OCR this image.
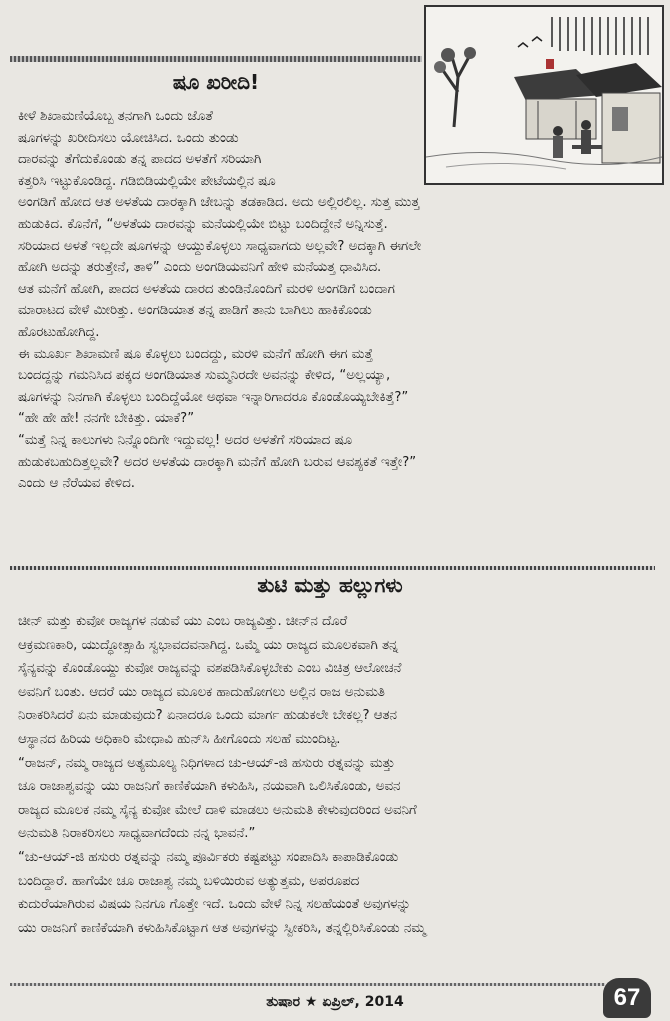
ಷೂ ಖರೀದಿ!
ಕೀಳೆ ಶಿಖಾಮಣಿಯೊಬ್ಬ ತನಗಾಗಿ ಒಂದು ಜೊತೆ
ಷೂಗಳನ್ನು ಖರೀದಿಸಲು ಯೋಚಿಸಿದ. ಒಂದು ತುಂಡು
ದಾರವನ್ನು ತೆಗೆದುಕೊಂಡು ತನ್ನ ಪಾದದ ಅಳತೆಗೆ ಸರಿಯಾಗಿ
ಕತ್ತರಿಸಿ ಇಟ್ಟುಕೊಂಡಿದ್ದ. ಗಡಿಬಿಡಿಯಲ್ಲಿಯೇ ಪೇಟೆಯಲ್ಲಿನ ಷೂ
ಅಂಗಡಿಗೆ ಹೋದ ಆತ ಅಳತೆಯ ದಾರಕ್ಕಾಗಿ ಜೇಬನ್ನು ತಡಕಾಡಿದ. ಅದು ಅಲ್ಲಿರಲಿಲ್ಲ. ಸುತ್ತ ಮುತ್ತ
ಹುಡುಕಿದ. ಕೊನೆಗೆ, “ಅಳತೆಯ ದಾರವನ್ನು ಮನೆಯಲ್ಲಿಯೇ ಬಿಟ್ಟು ಬಂದಿದ್ದೇನೆ ಅನ್ನಿಸುತ್ತೆ.
ಸರಿಯಾದ ಅಳತೆ ಇಲ್ಲದೇ ಷೂಗಳನ್ನು ಆಯ್ದುಕೊಳ್ಳಲು ಸಾಧ್ಯವಾಗದು ಅಲ್ಲವೇ? ಅದಕ್ಕಾಗಿ ಈಗಲೇ
ಹೋಗಿ ಅದನ್ನು ತರುತ್ತೇನೆ, ತಾಳಿ” ಎಂದು ಅಂಗಡಿಯವನಿಗೆ ಹೇಳಿ ಮನೆಯತ್ತ ಧಾವಿಸಿದ.
ಆತ ಮನೆಗೆ ಹೋಗಿ, ಪಾದದ ಅಳತೆಯ ದಾರದ ತುಂಡಿನೊಂದಿಗೆ ಮರಳಿ ಅಂಗಡಿಗೆ ಬಂದಾಗ
ಮಾರಾಟದ ವೇಳೆ ಮೀರಿತ್ತು. ಅಂಗಡಿಯಾತ ತನ್ನ ಪಾಡಿಗೆ ತಾನು ಬಾಗಿಲು ಹಾಕಿಕೊಂಡು
ಹೊರಟುಹೋಗಿದ್ದ.
ಈ ಮೂರ್ಖ ಶಿಖಾಮಣಿ ಷೂ ಕೊಳ್ಳಲು ಬಂದದ್ದು, ಮರಳಿ ಮನೆಗೆ ಹೋಗಿ ಈಗ ಮತ್ತೆ
ಬಂದದ್ದನ್ನು ಗಮನಿಸಿದ ಪಕ್ಕದ ಅಂಗಡಿಯಾತ ಸುಮ್ಮನಿರದೇ ಅವನನ್ನು ಕೇಳಿದ, “ಅಲ್ಲಯ್ಯಾ,
ಷೂಗಳನ್ನು ನಿನಗಾಗಿ ಕೊಳ್ಳಲು ಬಂದಿದ್ದೆಯೋ ಅಥವಾ ಇನ್ನಾರಿಗಾದರೂ ಕೊಂಡೊಯ್ಯಬೇಕಿತ್ತೆ?”
“ಹೇ ಹೇ ಹೇ! ನನಗೇ ಬೇಕಿತ್ತು. ಯಾಕೆ?”
“ಮತ್ತೆ ನಿನ್ನ ಕಾಲುಗಳು ನಿನ್ನೊಂದಿಗೇ ಇದ್ದುವಲ್ಲ! ಅದರ ಅಳತೆಗೆ ಸರಿಯಾದ ಷೂ
ಹುಡುಕಬಹುದಿತ್ತಲ್ಲವೇ? ಅದರ ಅಳತೆಯ ದಾರಕ್ಕಾಗಿ ಮನೆಗೆ ಹೋಗಿ ಬರುವ ಆವಶ್ಯಕತೆ ಇತ್ತೇ?”
ಎಂದು ಆ ನೆರೆಯವ ಕೇಳಿದ.
ತುಟಿ ಮತ್ತು ಹಲ್ಲುಗಳು
ಚೀನ್ ಮತ್ತು ಕುವೋ ರಾಜ್ಯಗಳ ನಡುವೆ ಯು ಎಂಬ ರಾಜ್ಯವಿತ್ತು. ಚೀನ್‌ನ ದೊರೆ
ಆಕ್ರಮಣಕಾರಿ, ಯುದ್ಧೋತ್ಸಾಹಿ ಸ್ವಭಾವದವನಾಗಿದ್ದ. ಒಮ್ಮೆ ಯು ರಾಜ್ಯದ ಮೂಲಕವಾಗಿ ತನ್ನ
ಸೈನ್ಯವನ್ನು ಕೊಂಡೊಯ್ದು ಕುವೋ ರಾಜ್ಯವನ್ನು ವಶಪಡಿಸಿಕೊಳ್ಳಬೇಕು ಎಂಬ ವಿಚಿತ್ರ ಆಲೋಚನೆ
ಅವನಿಗೆ ಬಂತು. ಆದರೆ ಯು ರಾಜ್ಯದ ಮೂಲಕ ಹಾದುಹೋಗಲು ಅಲ್ಲಿನ ರಾಜ ಅನುಮತಿ
ನಿರಾಕರಿಸಿದರೆ ಏನು ಮಾಡುವುದು? ಏನಾದರೂ ಒಂದು ಮಾರ್ಗ ಹುಡುಕಲೇ ಬೇಕಲ್ಲ? ಆತನ
ಆಸ್ಥಾನದ ಹಿರಿಯ ಅಧಿಕಾರಿ ಮೇಧಾವಿ ಹುನ್‌ಸಿ ಹೀಗೊಂದು ಸಲಹೆ ಮುಂದಿಟ್ಟ.
“ರಾಜನ್, ನಮ್ಮ ರಾಜ್ಯದ ಅತ್ಯಮೂಲ್ಯ ನಿಧಿಗಳಾದ ಚು-ಆಯ್-ಜಿ ಹಸುರು ರತ್ನವನ್ನು ಮತ್ತು
ಚೂ ರಾಜಾಶ್ವವನ್ನು ಯು ರಾಜನಿಗೆ ಕಾಣಿಕೆಯಾಗಿ ಕಳುಹಿಸಿ, ನಯವಾಗಿ ಒಲಿಸಿಕೊಂಡು, ಅವನ
ರಾಜ್ಯದ ಮೂಲಕ ನಮ್ಮ ಸೈನ್ಯ ಕುವೋ ಮೇಲೆ ದಾಳಿ ಮಾಡಲು ಅನುಮತಿ ಕೇಳುವುದರಿಂದ ಅವನಿಗೆ
ಅನುಮತಿ ನಿರಾಕರಿಸಲು ಸಾಧ್ಯವಾಗದೆಂದು ನನ್ನ ಭಾವನೆ.”
“ಚು-ಆಯ್-ಜಿ ಹಸುರು ರತ್ನವನ್ನು ನಮ್ಮ ಪೂರ್ವಿಕರು ಕಷ್ಟಪಟ್ಟು ಸಂಪಾದಿಸಿ ಕಾಪಾಡಿಕೊಂಡು
ಬಂದಿದ್ದಾರೆ. ಹಾಗೆಯೇ ಚೂ ರಾಜಾಶ್ವ ನಮ್ಮ ಬಳಿಯಿರುವ ಅತ್ಯುತ್ತಮ, ಅಪರೂಪದ
ಕುದುರೆಯಾಗಿರುವ ವಿಷಯ ನಿನಗೂ ಗೊತ್ತೇ ಇದೆ. ಒಂದು ವೇಳೆ ನಿನ್ನ ಸಲಹೆಯಂತೆ ಅವುಗಳನ್ನು
ಯು ರಾಜನಿಗೆ ಕಾಣಿಕೆಯಾಗಿ ಕಳುಹಿಸಿಕೊಟ್ಟಾಗ ಆತ ಅವುಗಳನ್ನು ಸ್ವೀಕರಿಸಿ, ತನ್ನಲ್ಲಿರಿಸಿಕೊಂಡು ನಮ್ಮ
ತುಷಾರ ★ ಏಪ್ರಿಲ್, 2014	67
